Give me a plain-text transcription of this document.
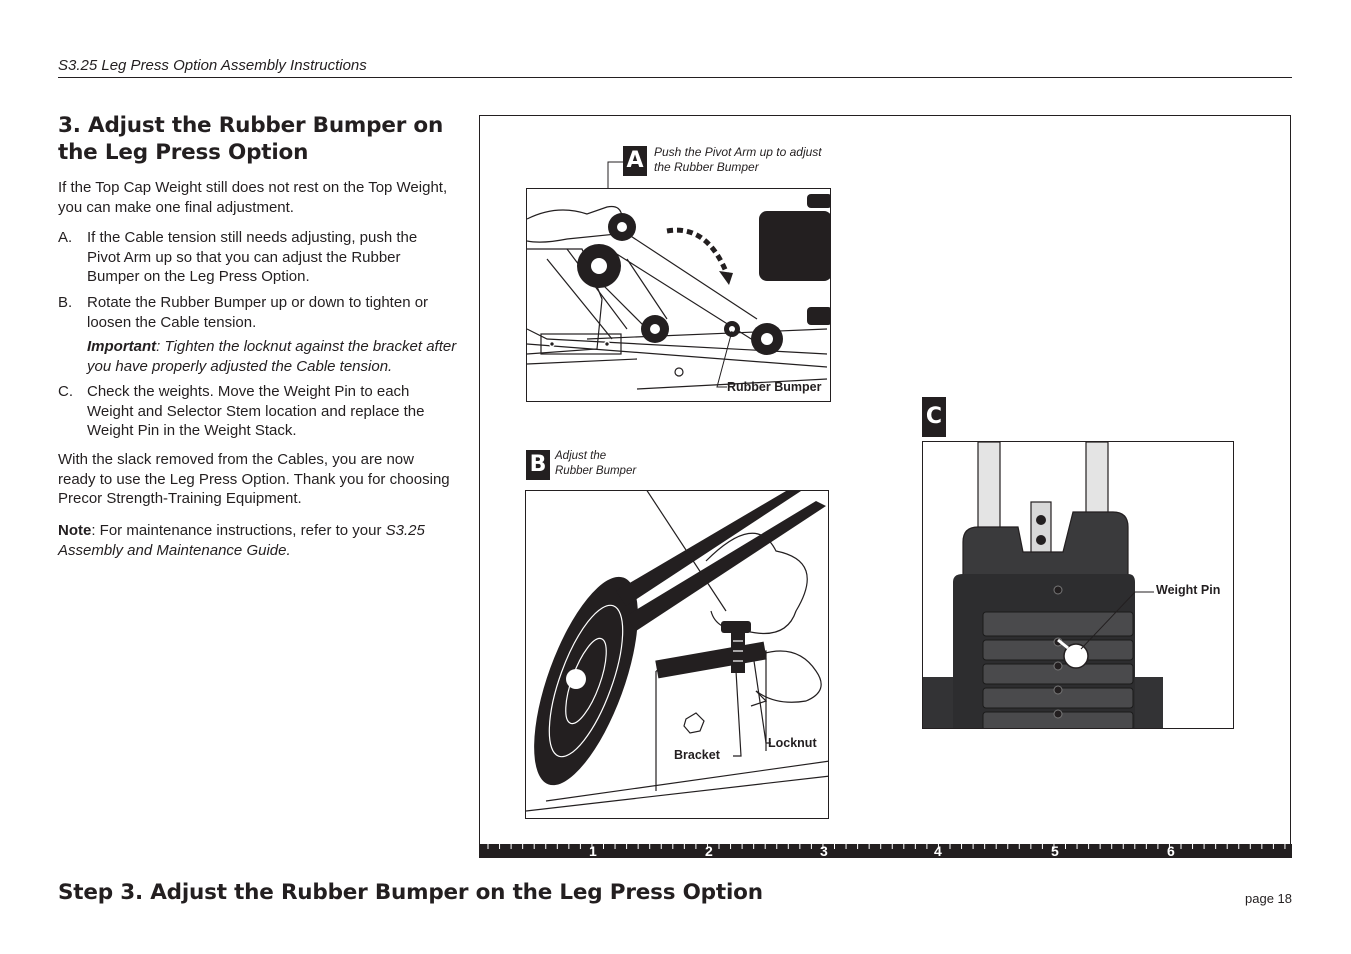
S3.25 Leg Press Option Assembly Instructions
3. Adjust the Rubber Bumper on the Leg Press Option
If the Top Cap Weight still does not rest on the Top Weight, you can make one final adjustment.
A. If the Cable tension still needs adjusting, push the Pivot Arm up so that you can adjust the Rubber Bumper on the Leg Press Option.
B. Rotate the Rubber Bumper up or down to tighten or loosen the Cable tension.
Important: Tighten the locknut against the bracket after you have properly adjusted the Cable tension.
C. Check the weights. Move the Weight Pin to each Weight and Selector Stem location and replace the Weight Pin in the Weight Stack.
With the slack removed from the Cables, you are now ready to use the Leg Press Option. Thank you for choosing Precor Strength-Training Equipment.
Note: For maintenance instructions, refer to your S3.25 Assembly and Maintenance Guide.
A Push the Pivot Arm up to adjust
the Rubber Bumper
Rubber Bumper
B Adjust the
Rubber Bumper
Bracket
Locknut
C
Weight Pin
1	2	3	4	5	6
Step 3. Adjust the Rubber Bumper on the Leg Press Option	page 18
